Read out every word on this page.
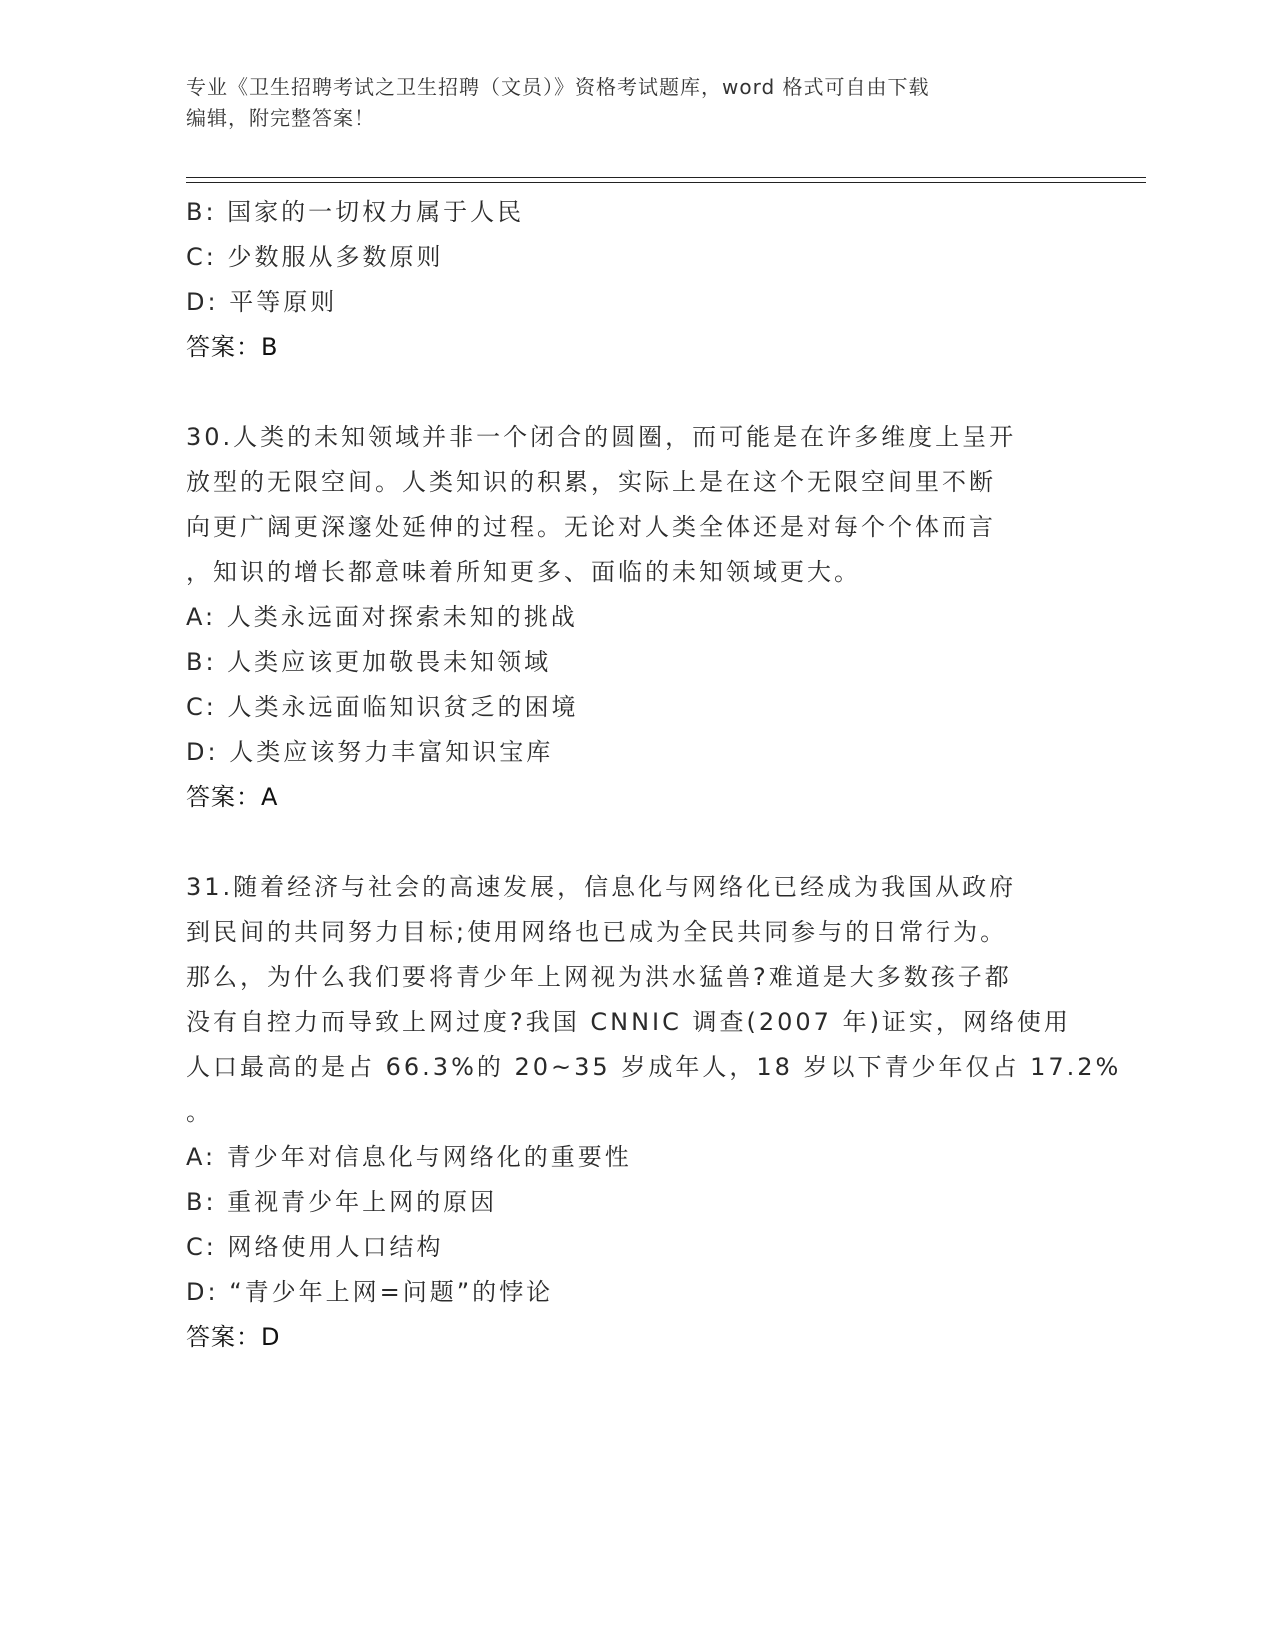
专业《卫生招聘考试之卫生招聘（文员）》资格考试题库，word 格式可自由下载
编辑，附完整答案！
B: 国家的一切权力属于人民
C: 少数服从多数原则
D: 平等原则
答案：B
30.人类的未知领域并非一个闭合的圆圈，而可能是在许多维度上呈开
放型的无限空间。人类知识的积累，实际上是在这个无限空间里不断
向更广阔更深邃处延伸的过程。无论对人类全体还是对每个个体而言
，知识的增长都意味着所知更多、面临的未知领域更大。
A: 人类永远面对探索未知的挑战
B: 人类应该更加敬畏未知领域
C: 人类永远面临知识贫乏的困境
D: 人类应该努力丰富知识宝库
答案：A
31.随着经济与社会的高速发展，信息化与网络化已经成为我国从政府
到民间的共同努力目标;使用网络也已成为全民共同参与的日常行为。
那么，为什么我们要将青少年上网视为洪水猛兽?难道是大多数孩子都
没有自控力而导致上网过度?我国 CNNIC 调查(2007 年)证实，网络使用
人口最高的是占 66.3%的 20~35 岁成年人，18 岁以下青少年仅占 17.2%
。
A: 青少年对信息化与网络化的重要性
B: 重视青少年上网的原因
C: 网络使用人口结构
D: “青少年上网=问题”的悖论
答案：D
